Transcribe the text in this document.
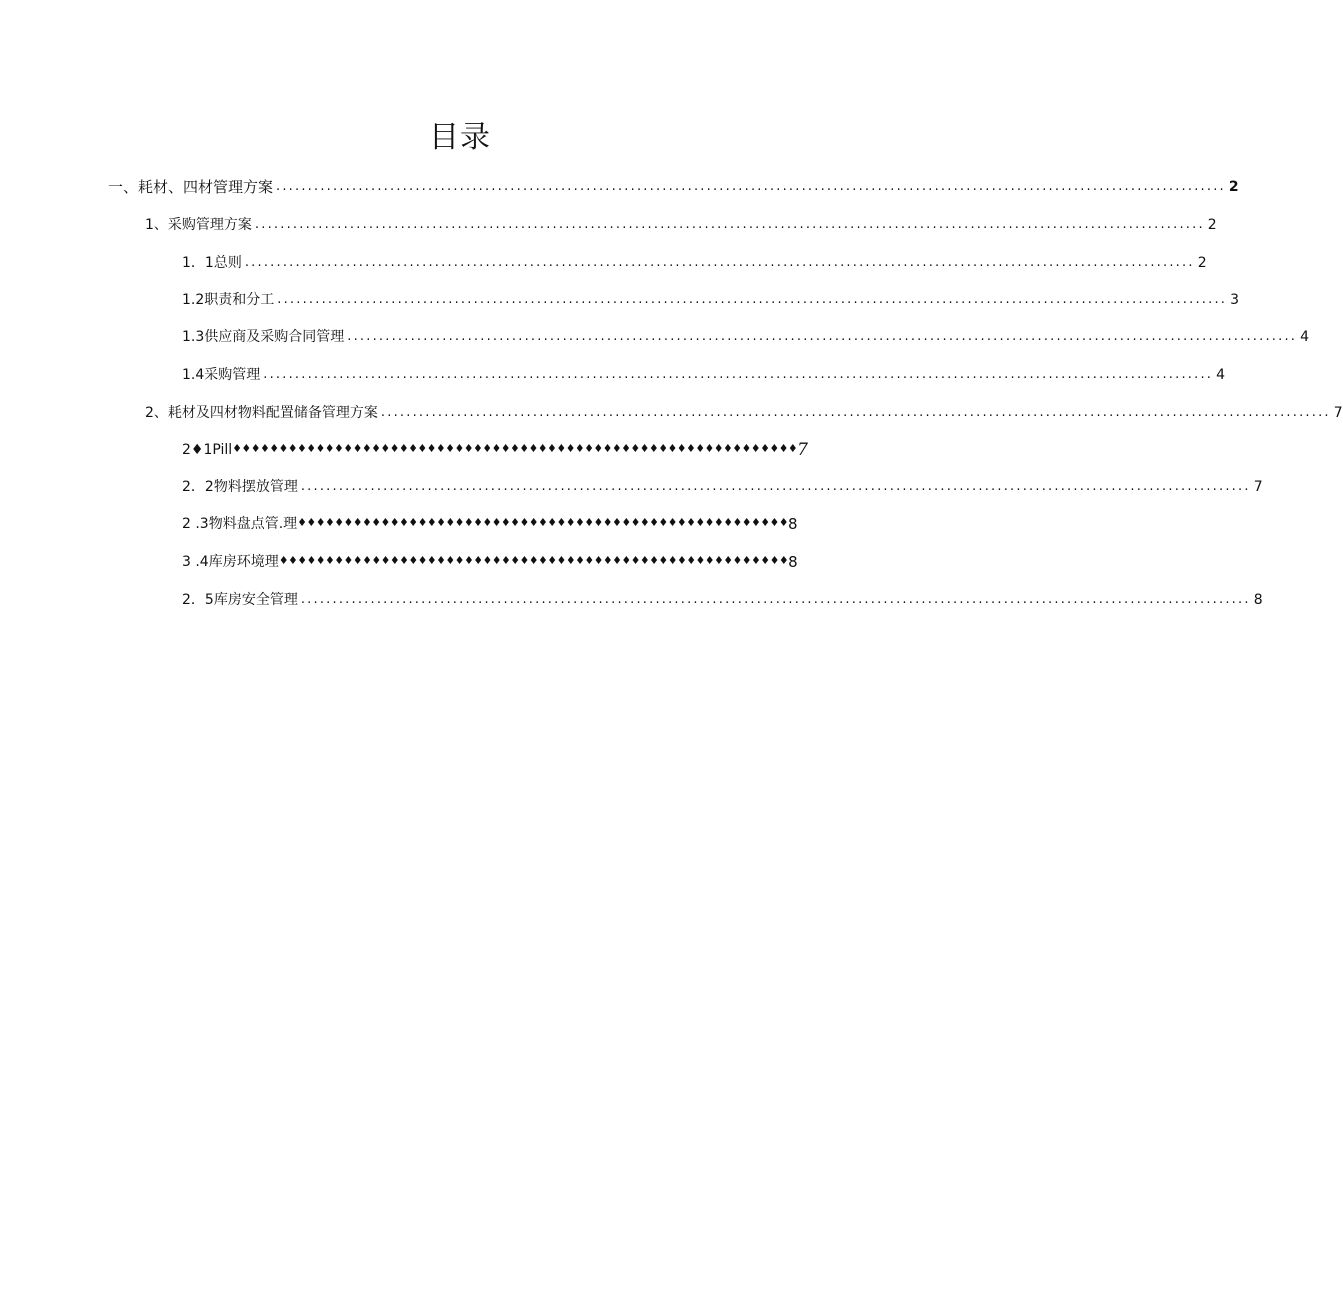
目录
一、耗材、四材管理方案 ...................................................................................................................................................... 2
1、采购管理方案 ...................................................................................................................................................... 2
1．1总则 ...................................................................................................................................................... 2
1.2职责和分工 ...................................................................................................................................................... 3
1.3供应商及采购合同管理 ...................................................................................................................................................... 4
1.4采购管理 ...................................................................................................................................................... 4
2、耗材及四材物料配置储备管理方案 ...................................................................................................................................................... 7
2♦1Pill ♦♦♦♦♦♦♦♦♦♦♦♦♦♦♦♦♦♦♦♦♦♦♦♦♦♦♦♦♦♦♦♦♦♦♦♦♦♦♦♦♦♦♦♦♦♦♦♦♦♦♦♦♦♦♦♦♦♦♦♦♦ 7
2．2物料摆放管理 ...................................................................................................................................................... 7
2 .3物料盘点管.理 ♦♦♦♦♦♦♦♦♦♦♦♦♦♦♦♦♦♦♦♦♦♦♦♦♦♦♦♦♦♦♦♦♦♦♦♦♦♦♦♦♦♦♦♦♦♦♦♦♦♦♦♦♦ 8
3 .4库房环境理 ♦♦♦♦♦♦♦♦♦♦♦♦♦♦♦♦♦♦♦♦♦♦♦♦♦♦♦♦♦♦♦♦♦♦♦♦♦♦♦♦♦♦♦♦♦♦♦♦♦♦♦♦♦♦♦ 8
2．5库房安全管理 ...................................................................................................................................................... 8
